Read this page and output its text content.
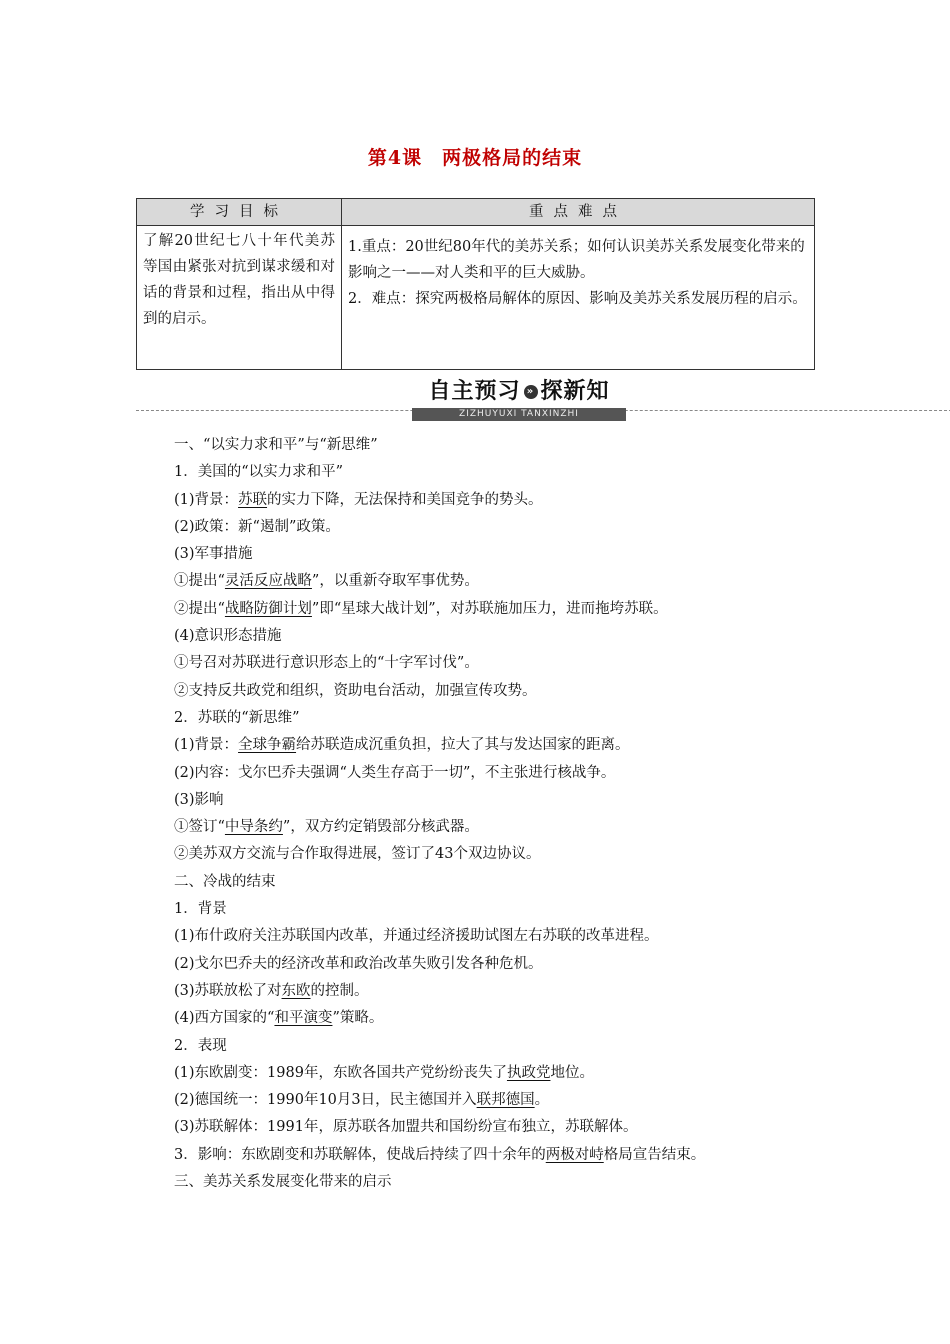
第4课　两极格局的结束
学习目标	重点难点
了解20世纪七八十年代美苏等国由紧张对抗到谋求缓和对话的背景和过程，指出从中得到的启示。	1.重点：20世纪80年代的美苏关系；如何认识美苏关系发展变化带来的影响之一——对人类和平的巨大威胁。
2．难点：探究两极格局解体的原因、影响及美苏关系发展历程的启示。
自主预习 » 探新知
ZIZHUYUXI TANXINZHI
一、“以实力求和平”与“新思维”
1．美国的“以实力求和平”
(1)背景：苏联的实力下降，无法保持和美国竞争的势头。
(2)政策：新“遏制”政策。
(3)军事措施
①提出“灵活反应战略”，以重新夺取军事优势。
②提出“战略防御计划”即“星球大战计划”，对苏联施加压力，进而拖垮苏联。
(4)意识形态措施
①号召对苏联进行意识形态上的“十字军讨伐”。
②支持反共政党和组织，资助电台活动，加强宣传攻势。
2．苏联的“新思维”
(1)背景：全球争霸给苏联造成沉重负担，拉大了其与发达国家的距离。
(2)内容：戈尔巴乔夫强调“人类生存高于一切”，不主张进行核战争。
(3)影响
①签订“中导条约”，双方约定销毁部分核武器。
②美苏双方交流与合作取得进展，签订了43个双边协议。
二、冷战的结束
1．背景
(1)布什政府关注苏联国内改革，并通过经济援助试图左右苏联的改革进程。
(2)戈尔巴乔夫的经济改革和政治改革失败引发各种危机。
(3)苏联放松了对东欧的控制。
(4)西方国家的“和平演变”策略。
2．表现
(1)东欧剧变：1989年，东欧各国共产党纷纷丧失了执政党地位。
(2)德国统一：1990年10月3日，民主德国并入联邦德国。
(3)苏联解体：1991年，原苏联各加盟共和国纷纷宣布独立，苏联解体。
3．影响：东欧剧变和苏联解体，使战后持续了四十余年的两极对峙格局宣告结束。
三、美苏关系发展变化带来的启示
